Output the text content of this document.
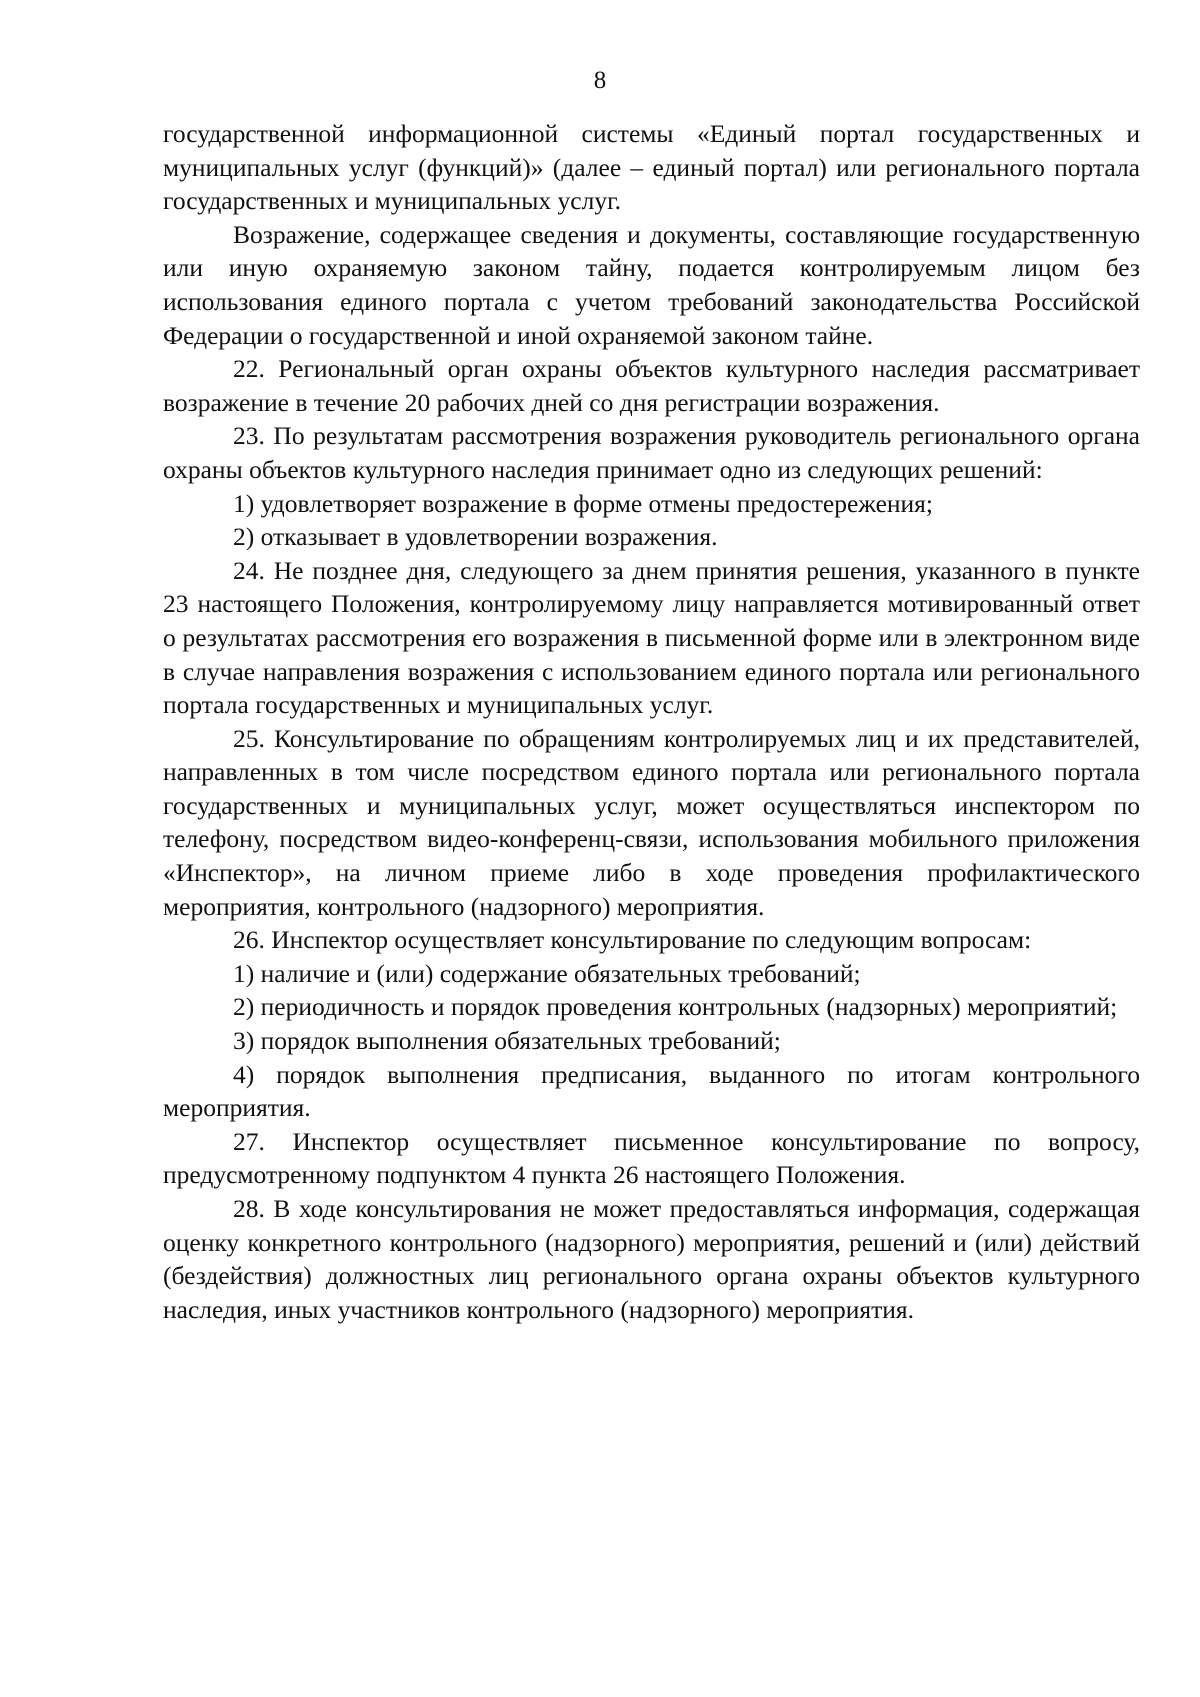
8

государственной информационной системы «Единый портал государственных и муниципальных услуг (функций)» (далее – единый портал) или регионального портала государственных и муниципальных услуг.

Возражение, содержащее сведения и документы, составляющие государственную или иную охраняемую законом тайну, подается контролируемым лицом без использования единого портала с учетом требований законодательства Российской Федерации о государственной и иной охраняемой законом тайне.

22. Региональный орган охраны объектов культурного наследия рассматривает возражение в течение 20 рабочих дней со дня регистрации возражения.

23. По результатам рассмотрения возражения руководитель регионального органа охраны объектов культурного наследия принимает одно из следующих решений:

1) удовлетворяет возражение в форме отмены предостережения;

2) отказывает в удовлетворении возражения.

24. Не позднее дня, следующего за днем принятия решения, указанного в пункте 23 настоящего Положения, контролируемому лицу направляется мотивированный ответ о результатах рассмотрения его возражения в письменной форме или в электронном виде в случае направления возражения с использованием единого портала или регионального портала государственных и муниципальных услуг.

25. Консультирование по обращениям контролируемых лиц и их представителей, направленных в том числе посредством единого портала или регионального портала государственных и муниципальных услуг, может осуществляться инспектором по телефону, посредством видео-конференц-связи, использования мобильного приложения «Инспектор», на личном приеме либо в ходе проведения профилактического мероприятия, контрольного (надзорного) мероприятия.

26. Инспектор осуществляет консультирование по следующим вопросам:

1) наличие и (или) содержание обязательных требований;

2) периодичность и порядок проведения контрольных (надзорных) мероприятий;

3) порядок выполнения обязательных требований;

4) порядок выполнения предписания, выданного по итогам контрольного мероприятия.

27. Инспектор осуществляет письменное консультирование по вопросу, предусмотренному подпунктом 4 пункта 26 настоящего Положения.

28. В ходе консультирования не может предоставляться информация, содержащая оценку конкретного контрольного (надзорного) мероприятия, решений и (или) действий (бездействия) должностных лиц регионального органа охраны объектов культурного наследия, иных участников контрольного (надзорного) мероприятия.
